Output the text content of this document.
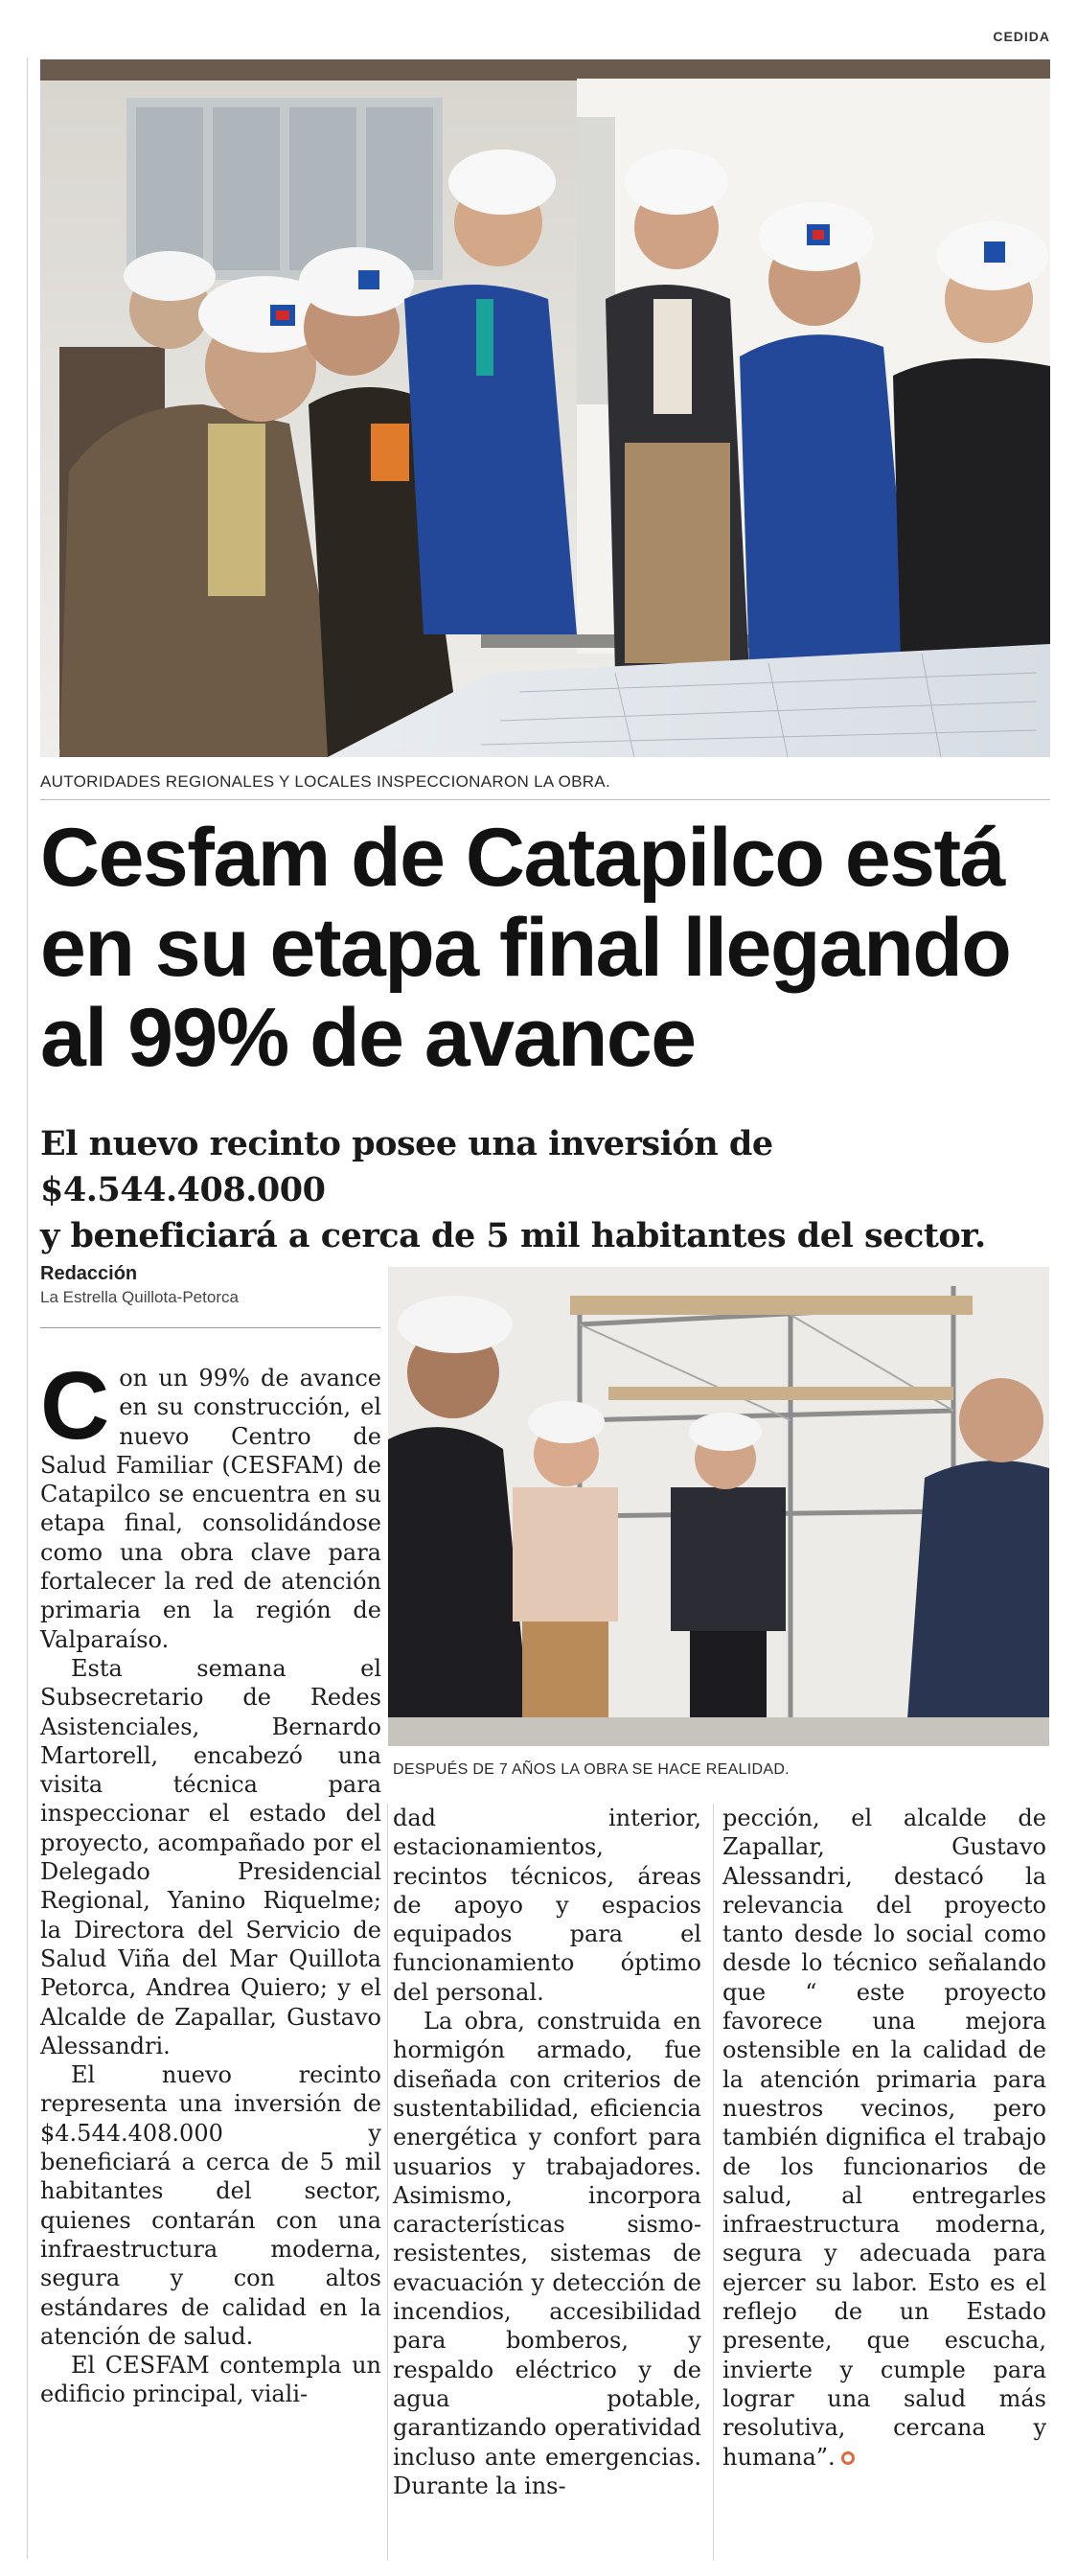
CEDIDA
AUTORIDADES REGIONALES Y LOCALES INSPECCIONARON LA OBRA.
Cesfam de Catapilco está
en su etapa final llegando
al 99% de avance
El nuevo recinto posee una inversión de $4.544.408.000
y beneficiará a cerca de 5 mil habitantes del sector.
Redacción
La Estrella Quillota-Petorca
DESPUÉS DE 7 AÑOS LA OBRA SE HACE REALIDAD.

Con un 99% de avance en su construcción, el nuevo Centro de Salud Familiar (CESFAM) de Catapilco se encuentra en su etapa final, consolidándose como una obra clave para fortalecer la red de atención primaria en la región de Valparaíso.

Esta semana el Subsecretario de Redes Asistenciales, Bernardo Martorell, encabezó una visita técnica para inspeccionar el estado del proyecto, acompañado por el Delegado Presidencial Regional, Yanino Riquelme; la Directora del Servicio de Salud Viña del Mar Quillota Petorca, Andrea Quiero; y el Alcalde de Zapallar, Gustavo Alessandri.

El nuevo recinto representa una inversión de $4.544.408.000 y beneficiará a cerca de 5 mil habitantes del sector, quienes contarán con una infraestructura moderna, segura y con altos estándares de calidad en la atención de salud.

El CESFAM contempla un edificio principal, viali-

dad interior, estacionamientos, recintos técnicos, áreas de apoyo y espacios equipados para el funcionamiento óptimo del personal.

La obra, construida en hormigón armado, fue diseñada con criterios de sustentabilidad, eficiencia energética y confort para usuarios y trabajadores. Asimismo, incorpora características sismo-resistentes, sistemas de evacuación y detección de incendios, accesibilidad para bomberos, y respaldo eléctrico y de agua potable, garantizando operatividad incluso ante emergencias. Durante la ins-

pección, el alcalde de Zapallar, Gustavo Alessandri, destacó la relevancia del proyecto tanto desde lo social como desde lo técnico señalando que “ este proyecto favorece una mejora ostensible en la calidad de la atención primaria para nuestros vecinos, pero también dignifica el trabajo de los funcionarios de salud, al entregarles infraestructura moderna, segura y adecuada para ejercer su labor. Esto es el reflejo de un Estado presente, que escucha, invierte y cumple para lograr una salud más resolutiva, cercana y humana”.
